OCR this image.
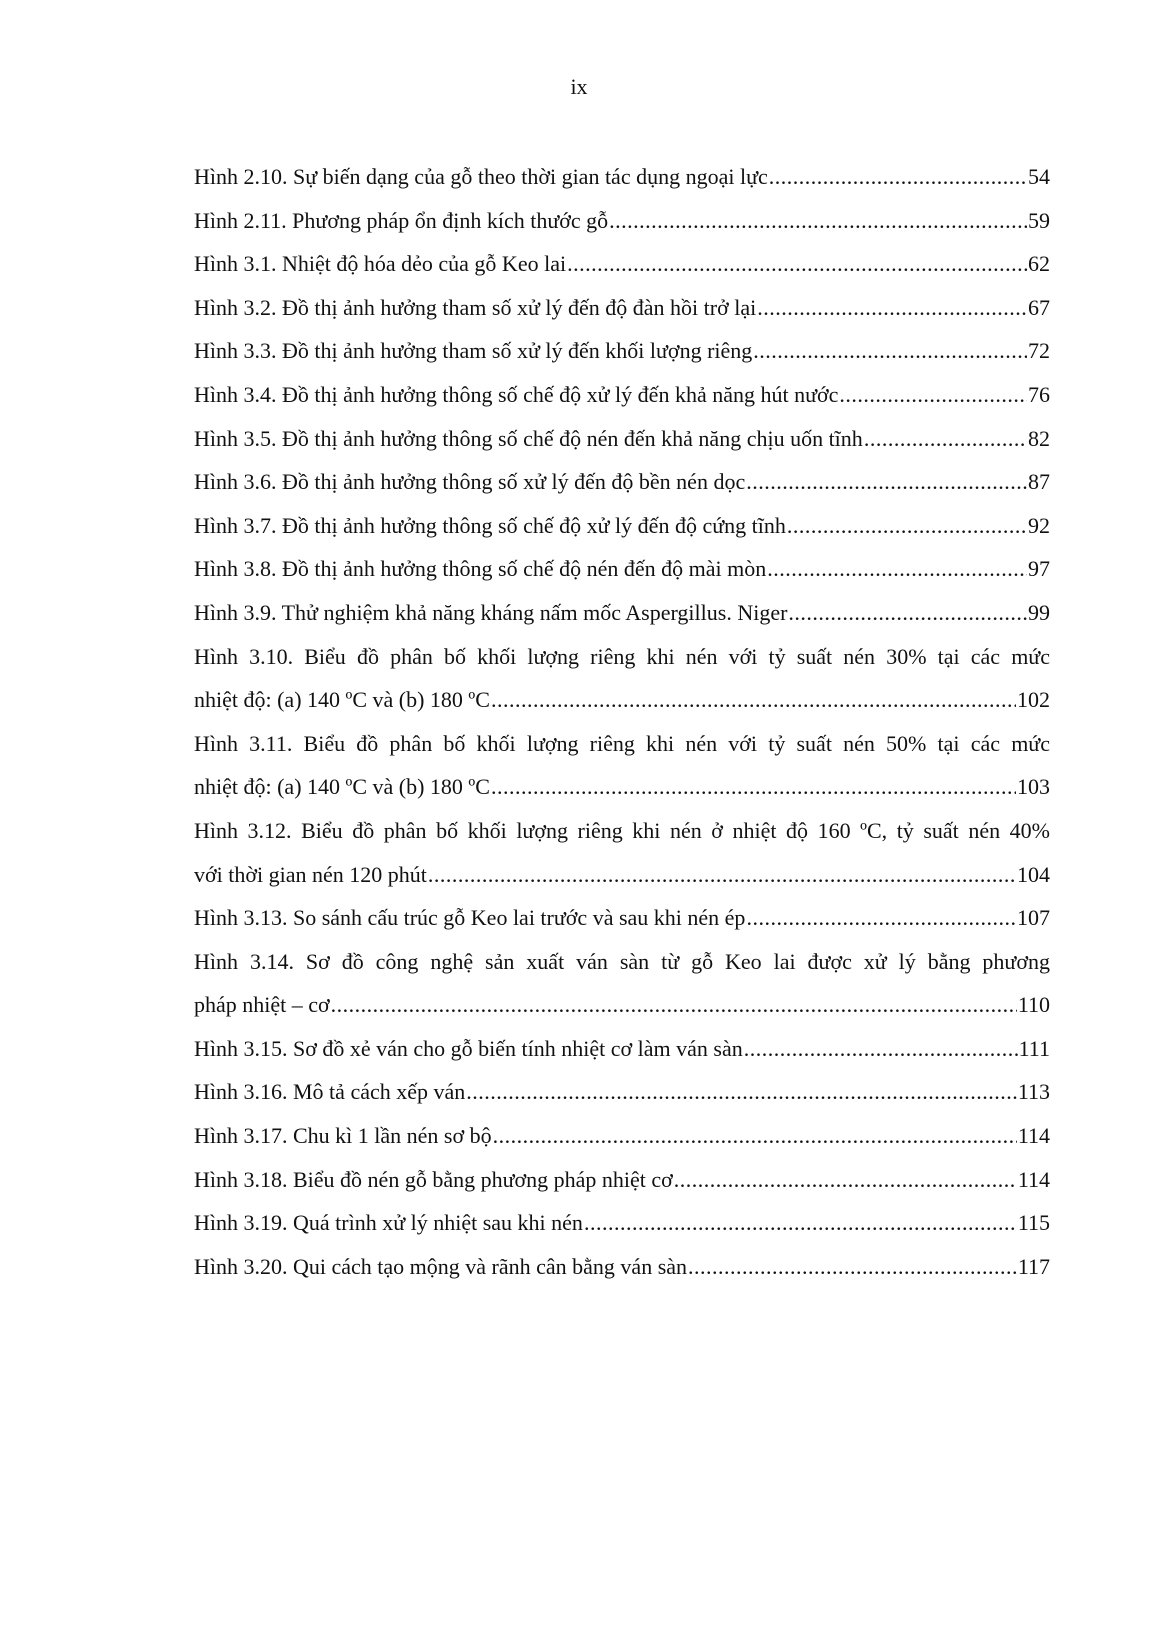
ix
Hình 2.10. Sự biến dạng của gỗ theo thời gian tác dụng ngoại lực .....	54
Hình 2.11. Phương pháp ổn định kích thước gỗ .....	59
Hình 3.1. Nhiệt độ hóa dẻo của gỗ Keo lai .....	62
Hình 3.2. Đồ thị ảnh hưởng tham số xử lý đến độ đàn hồi trở lại .....	67
Hình 3.3. Đồ thị ảnh hưởng tham số xử lý đến khối lượng riêng .....	72
Hình 3.4. Đồ thị ảnh hưởng thông số chế độ xử lý đến khả năng hút nước .....	76
Hình 3.5. Đồ thị ảnh hưởng thông số chế độ nén đến khả năng chịu uốn tĩnh .....	82
Hình 3.6. Đồ thị ảnh hưởng thông số xử lý đến độ bền nén dọc .....	87
Hình 3.7. Đồ thị ảnh hưởng thông số chế độ xử lý đến độ cứng tĩnh .....	92
Hình 3.8. Đồ thị ảnh hưởng thông số chế độ nén đến độ mài mòn .....	97
Hình 3.9. Thử nghiệm khả năng kháng nấm mốc Aspergillus. Niger .....	99
Hình 3.10. Biểu đồ phân bố khối lượng riêng khi nén với tỷ suất nén 30% tại các mức
nhiệt độ: (a) 140 ºC và (b) 180 ºC .....	102
Hình 3.11. Biểu đồ phân bố khối lượng riêng khi nén với tỷ suất nén 50% tại các mức
nhiệt độ: (a) 140 ºC và (b) 180 ºC .....	103
Hình 3.12. Biểu đồ phân bố khối lượng riêng khi nén ở nhiệt độ 160 ºC, tỷ suất nén 40%
với thời gian nén 120 phút .....	104
Hình 3.13. So sánh cấu trúc gỗ Keo lai trước và sau khi nén ép .....	107
Hình 3.14. Sơ đồ công nghệ sản xuất ván sàn từ gỗ Keo lai được xử lý bằng phương
pháp nhiệt – cơ .....	110
Hình 3.15. Sơ đồ xẻ ván cho gỗ biến tính nhiệt cơ làm ván sàn .....	111
Hình 3.16. Mô tả cách xếp ván .....	113
Hình 3.17. Chu kì 1 lần nén sơ bộ .....	114
Hình 3.18. Biểu đồ nén gỗ bằng phương pháp nhiệt cơ .....	114
Hình 3.19. Quá trình xử lý nhiệt sau khi nén .....	115
Hình 3.20. Qui cách tạo mộng và rãnh cân bằng ván sàn .....	117
